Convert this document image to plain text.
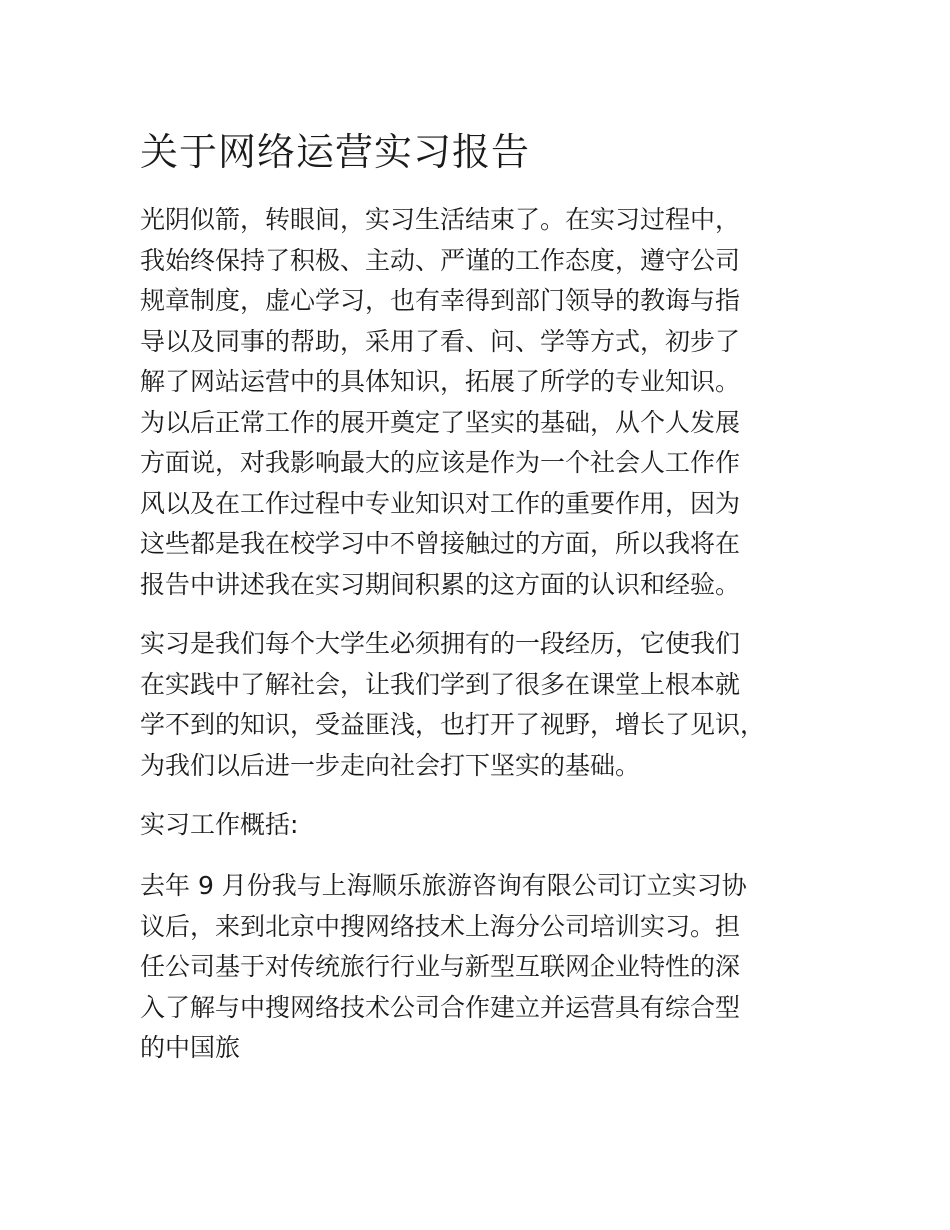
关于网络运营实习报告
光阴似箭，转眼间，实习生活结束了。在实习过程中，
我始终保持了积极、主动、严谨的工作态度，遵守公司
规章制度，虚心学习，也有幸得到部门领导的教诲与指
导以及同事的帮助，采用了看、问、学等方式，初步了
解了网站运营中的具体知识，拓展了所学的专业知识。
为以后正常工作的展开奠定了坚实的基础，从个人发展
方面说，对我影响最大的应该是作为一个社会人工作作
风以及在工作过程中专业知识对工作的重要作用，因为
这些都是我在校学习中不曾接触过的方面，所以我将在
报告中讲述我在实习期间积累的这方面的认识和经验。
实习是我们每个大学生必须拥有的一段经历，它使我们
在实践中了解社会，让我们学到了很多在课堂上根本就
学不到的知识，受益匪浅，也打开了视野，增长了见识，
为我们以后进一步走向社会打下坚实的基础。
实习工作概括:
去年 9 月份我与上海顺乐旅游咨询有限公司订立实习协
议后，来到北京中搜网络技术上海分公司培训实习。担
任公司基于对传统旅行行业与新型互联网企业特性的深
入了解与中搜网络技术公司合作建立并运营具有综合型
的中国旅
